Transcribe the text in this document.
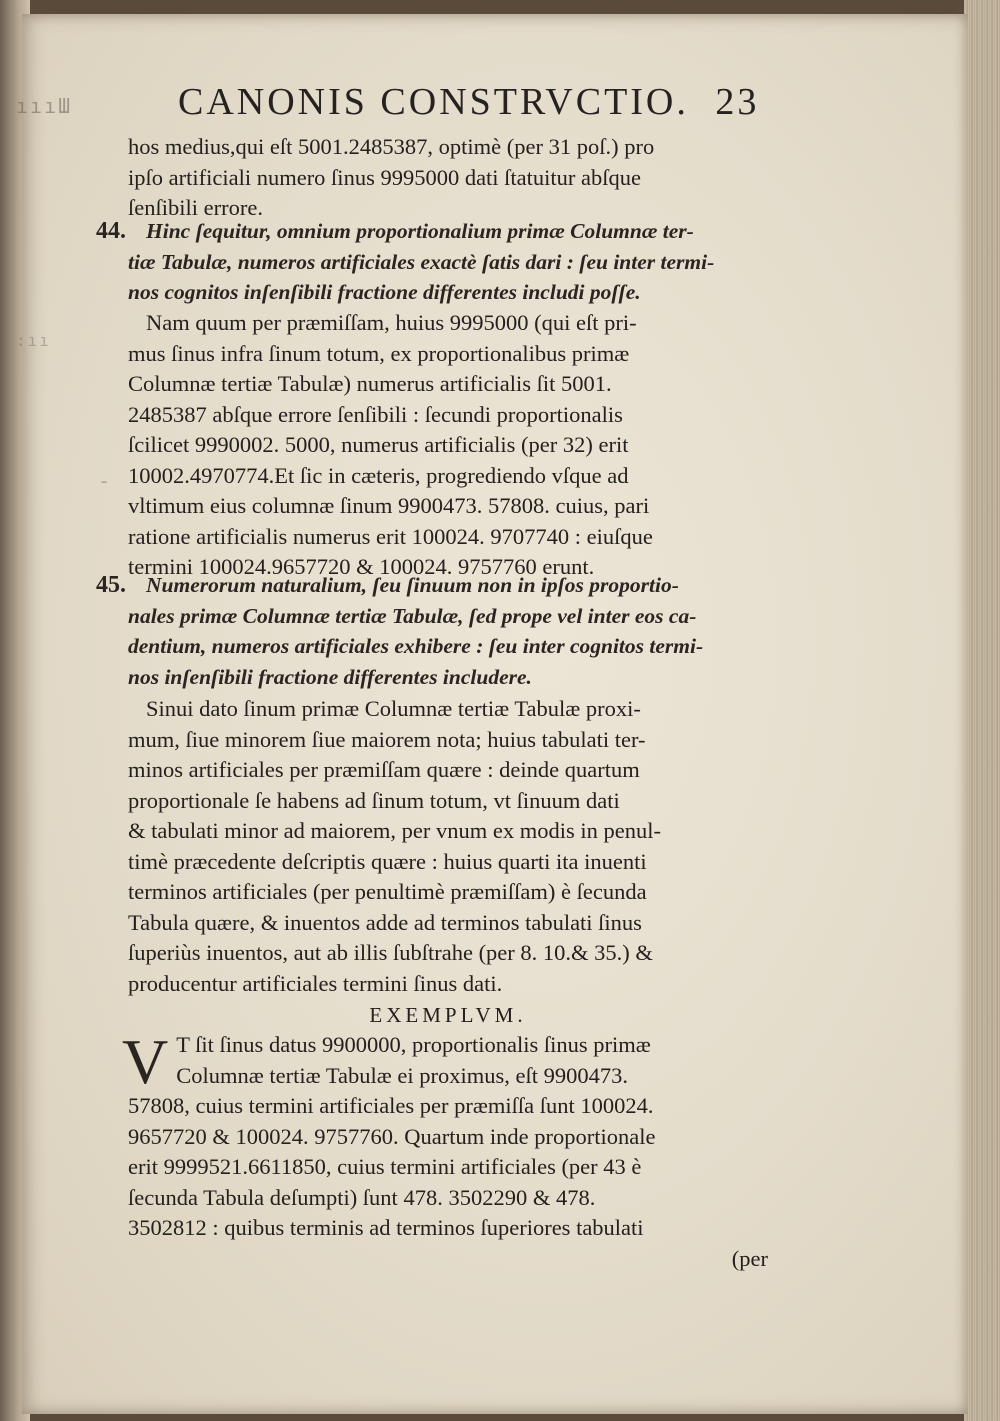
ıııШ
:ıı
-
CANONIS CONSTRVCTIO. 23
hos medius,qui eſt 5001.2485387, optimè (per 31 poſ.) pro
ipſo artificiali numero ſinus 9995000 dati ſtatuitur abſque
ſenſibili errore.
44. Hinc ſequitur, omnium proportionalium primæ Columnæ ter-
tiæ Tabulæ, numeros artificiales exactè ſatis dari : ſeu inter termi-
nos cognitos inſenſibili fractione differentes includi poſſe.
Nam quum per præmiſſam, huius 9995000 (qui eſt pri-
mus ſinus infra ſinum totum, ex proportionalibus primæ
Columnæ tertiæ Tabulæ) numerus artificialis ſit 5001.
2485387 abſque errore ſenſibili : ſecundi proportionalis
ſcilicet 9990002. 5000, numerus artificialis (per 32) erit
10002.4970774.Et ſic in cæteris, progrediendo vſque ad
vltimum eius columnæ ſinum 9900473. 57808. cuius, pari
ratione artificialis numerus erit 100024. 9707740 : eiuſque
termini 100024.9657720 & 100024. 9757760 erunt.
45. Numerorum naturalium, ſeu ſinuum non in ipſos proportio-
nales primæ Columnæ tertiæ Tabulæ, ſed prope vel inter eos ca-
dentium, numeros artificiales exhibere : ſeu inter cognitos termi-
nos inſenſibili fractione differentes includere.
Sinui dato ſinum primæ Columnæ tertiæ Tabulæ proxi-
mum, ſiue minorem ſiue maiorem nota; huius tabulati ter-
minos artificiales per præmiſſam quære : deinde quartum
proportionale ſe habens ad ſinum totum, vt ſinuum dati
& tabulati minor ad maiorem, per vnum ex modis in penul-
timè præcedente deſcriptis quære : huius quarti ita inuenti
terminos artificiales (per penultimè præmiſſam) è ſecunda
Tabula quære, & inuentos adde ad terminos tabulati ſinus
ſuperiùs inuentos, aut ab illis ſubſtrahe (per 8. 10.& 35.) &
producentur artificiales termini ſinus dati.
EXEMPLVM.
V T ſit ſinus datus 9900000, proportionalis ſinus primæ
Columnæ tertiæ Tabulæ ei proximus, eſt 9900473.
57808, cuius termini artificiales per præmiſſa ſunt 100024.
9657720 & 100024. 9757760. Quartum inde proportionale
erit 9999521.6611850, cuius termini artificiales (per 43 è
ſecunda Tabula deſumpti) ſunt 478. 3502290 & 478.
3502812 : quibus terminis ad terminos ſuperiores tabulati
(per
